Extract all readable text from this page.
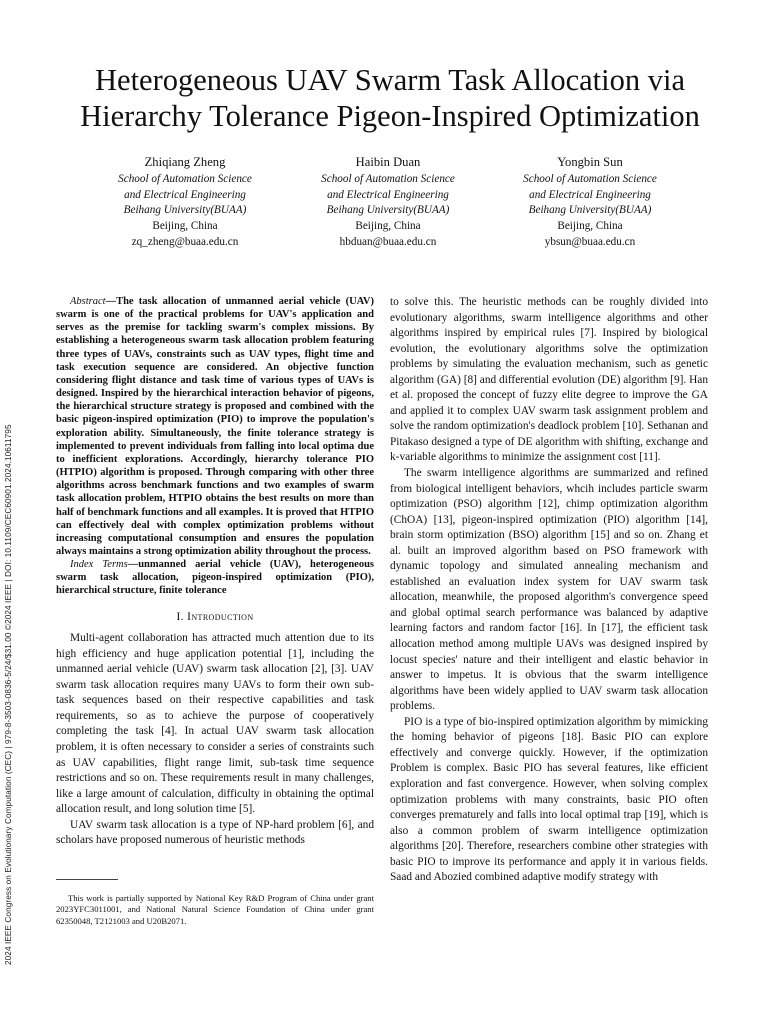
2024 IEEE Congress on Evolutionary Computation (CEC) | 979-8-3503-0836-5/24/$31.00 ©2024 IEEE | DOI: 10.1109/CEC60901.2024.10611795
Heterogeneous UAV Swarm Task Allocation via
Hierarchy Tolerance Pigeon-Inspired Optimization
Zhiqiang Zheng
School of Automation Science
and Electrical Engineering
Beihang University(BUAA)
Beijing, China
zq_zheng@buaa.edu.cn
Haibin Duan
School of Automation Science
and Electrical Engineering
Beihang University(BUAA)
Beijing, China
hbduan@buaa.edu.cn
Yongbin Sun
School of Automation Science
and Electrical Engineering
Beihang University(BUAA)
Beijing, China
ybsun@buaa.edu.cn

Abstract—The task allocation of unmanned aerial vehicle (UAV) swarm is one of the practical problems for UAV's application and serves as the premise for tackling swarm's complex missions. By establishing a heterogeneous swarm task allocation problem featuring three types of UAVs, constraints such as UAV types, flight time and task execution sequence are considered. An objective function considering flight distance and task time of various types of UAVs is designed. Inspired by the hierarchical interaction behavior of pigeons, the hierarchical structure strategy is proposed and combined with the basic pigeon-inspired optimization (PIO) to improve the population's exploration ability. Simultaneously, the finite tolerance strategy is implemented to prevent individuals from falling into local optima due to inefficient explorations. Accordingly, hierarchy tolerance PIO (HTPIO) algorithm is proposed. Through comparing with other three algorithms across benchmark functions and two examples of swarm task allocation problem, HTPIO obtains the best results on more than half of benchmark functions and all examples. It is proved that HTPIO can effectively deal with complex optimization problems without increasing computational consumption and ensures the population always maintains a strong optimization ability throughout the process.

Index Terms—unmanned aerial vehicle (UAV), heterogeneous swarm task allocation, pigeon-inspired optimization (PIO), hierarchical structure, finite tolerance

I. Introduction

Multi-agent collaboration has attracted much attention due to its high efficiency and huge application potential [1], including the unmanned aerial vehicle (UAV) swarm task allocation [2], [3]. UAV swarm task allocation requires many UAVs to form their own sub-task sequences based on their respective capabilities and task requirements, so as to achieve the purpose of cooperatively completing the task [4]. In actual UAV swarm task allocation problem, it is often necessary to consider a series of constraints such as UAV capabilities, flight range limit, sub-task time sequence restrictions and so on. These requirements result in many challenges, like a large amount of calculation, difficulty in obtaining the optimal allocation result, and long solution time [5].

UAV swarm task allocation is a type of NP-hard problem [6], and scholars have proposed numerous of heuristic methods

This work is partially supported by National Key R&D Program of China under grant 2023YFC3011001, and National Natural Science Foundation of China under grant 62350048, T2121003 and U20B2071.

to solve this. The heuristic methods can be roughly divided into evolutionary algorithms, swarm intelligence algorithms and other algorithms inspired by empirical rules [7]. Inspired by biological evolution, the evolutionary algorithms solve the optimization problems by simulating the evaluation mechanism, such as genetic algorithm (GA) [8] and differential evolution (DE) algorithm [9]. Han et al. proposed the concept of fuzzy elite degree to improve the GA and applied it to complex UAV swarm task assignment problem and solve the random optimization's deadlock problem [10]. Sethanan and Pitakaso designed a type of DE algorithm with shifting, exchange and k-variable algorithms to minimize the assignment cost [11].

The swarm intelligence algorithms are summarized and refined from biological intelligent behaviors, whcih includes particle swarm optimization (PSO) algorithm [12], chimp optimization algorithm (ChOA) [13], pigeon-inspired optimization (PIO) algorithm [14], brain storm optimization (BSO) algorithm [15] and so on. Zhang et al. built an improved algorithm based on PSO framework with dynamic topology and simulated annealing mechanism and established an evaluation index system for UAV swarm task allocation, meanwhile, the proposed algorithm's convergence speed and global optimal search performance was balanced by adaptive learning factors and random factor [16]. In [17], the efficient task allocation method among multiple UAVs was designed inspired by locust species' nature and their intelligent and elastic behavior in answer to impetus. It is obvious that the swarm intelligence algorithms have been widely applied to UAV swarm task allocation problems.

PIO is a type of bio-inspired optimization algorithm by mimicking the homing behavior of pigeons [18]. Basic PIO can explore effectively and converge quickly. However, if the optimization Problem is complex. Basic PIO has several features, like efficient exploration and fast convergence. However, when solving complex optimization problems with many constraints, basic PIO often converges prematurely and falls into local optimal trap [19], which is also a common problem of swarm intelligence optimization algorithms [20]. Therefore, researchers combine other strategies with basic PIO to improve its performance and apply it in various fields. Saad and Abozied combined adaptive modify strategy with
